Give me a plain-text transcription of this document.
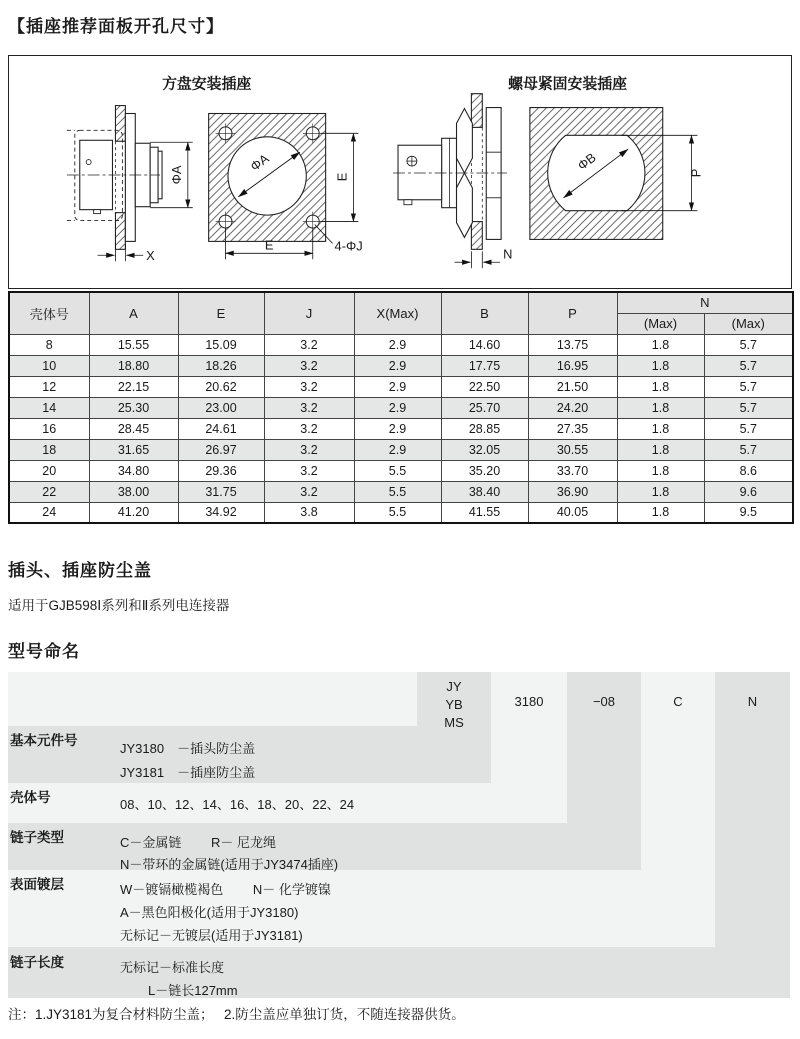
【插座推荐面板开孔尺寸】
方盘安装插座	螺母紧固安装插座
ΦA
X
ΦA
E
E	4-ΦJ
N
ΦB	P
壳体号	A	E	J	X(Max)	B	P	N	
							(Max)	(Max)
8	15.55	15.09	3.2	2.9	14.60	13.75	1.8	5.7
10	18.80	18.26	3.2	2.9	17.75	16.95	1.8	5.7
12	22.15	20.62	3.2	2.9	22.50	21.50	1.8	5.7
14	25.30	23.00	3.2	2.9	25.70	24.20	1.8	5.7
16	28.45	24.61	3.2	2.9	28.85	27.35	1.8	5.7
18	31.65	26.97	3.2	2.9	32.05	30.55	1.8	5.7
20	34.80	29.36	3.2	5.5	35.20	33.70	1.8	8.6
22	38.00	31.75	3.2	5.5	38.40	36.90	1.8	9.6
24	41.20	34.92	3.8	5.5	41.55	40.05	1.8	9.5
插头、插座防尘盖
适用于GJB598Ⅰ系列和Ⅱ系列电连接器
型号命名
JY
YB
MS
3180	−08	C	N
基本元件号
JY3180　－插头防尘盖
JY3181　－插座防尘盖
壳体号	08、10、12、14、16、18、20、22、24
链子类型	C－金属链　　 R－ 尼龙绳
N－带环的金属链(适用于JY3474插座)
表面镀层	W－镀镉橄榄褐色　　 N－ 化学镀镍
A－黑色阳极化(适用于JY3180)
无标记－无镀层(适用于JY3181)
链子长度	无标记－标准长度
L－链长127mm
注：1.JY3181为复合材料防尘盖；　 2.防尘盖应单独订货，不随连接器供货。
